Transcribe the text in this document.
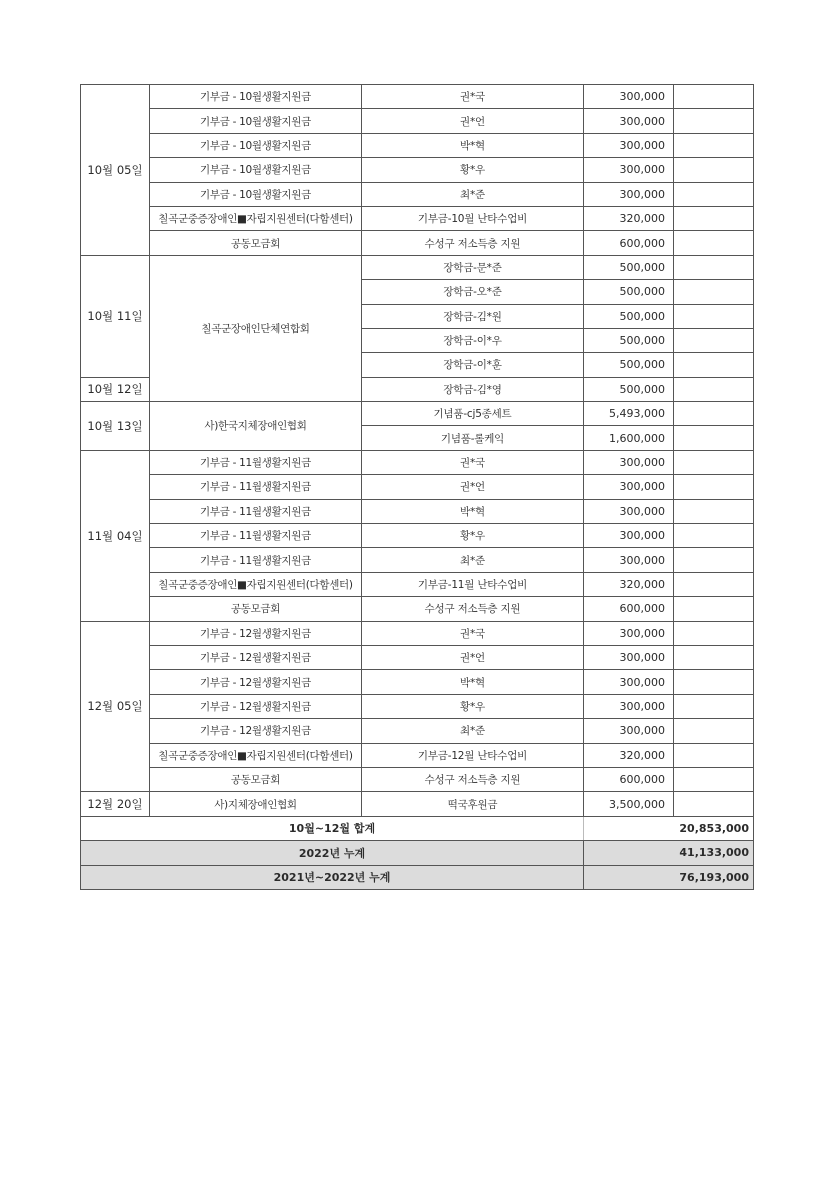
10월 05일	기부금 - 10월생활지원금	권*국	300,000	
	기부금 - 10월생활지원금	권*언	300,000	
	기부금 - 10월생활지원금	박*혁	300,000	
	기부금 - 10월생활지원금	황*우	300,000	
	기부금 - 10월생활지원금	최*준	300,000	
	칠곡군중증장애인■자립지원센터(다함센터)	기부금-10월 난타수업비	320,000	
	공동모금회	수성구 저소득층 지원	600,000	
10월 11일	칠곡군장애인단체연합회	장학금-문*준	500,000	
		장학금-오*준	500,000	
		장학금-김*원	500,000	
		장학금-이*우	500,000	
		장학금-이*훈	500,000	
10월 12일		장학금-김*영	500,000	
10월 13일	사)한국지체장애인협회	기념품-cj5종세트	5,493,000	
		기념품-롤케익	1,600,000	
11월 04일	기부금 - 11월생활지원금	권*국	300,000	
	기부금 - 11월생활지원금	권*언	300,000	
	기부금 - 11월생활지원금	박*혁	300,000	
	기부금 - 11월생활지원금	황*우	300,000	
	기부금 - 11월생활지원금	최*준	300,000	
	칠곡군중증장애인■자립지원센터(다함센터)	기부금-11월 난타수업비	320,000	
	공동모금회	수성구 저소득층 지원	600,000	
12월 05일	기부금 - 12월생활지원금	권*국	300,000	
	기부금 - 12월생활지원금	권*언	300,000	
	기부금 - 12월생활지원금	박*혁	300,000	
	기부금 - 12월생활지원금	황*우	300,000	
	기부금 - 12월생활지원금	최*준	300,000	
	칠곡군중증장애인■자립지원센터(다함센터)	기부금-12월 난타수업비	320,000	
	공동모금회	수성구 저소득층 지원	600,000	
12월 20일	사)지체장애인협회	떡국후원금	3,500,000	
10월~12월 합계			20,853,000	
2022년 누계			41,133,000	
2021년~2022년 누계			76,193,000	
